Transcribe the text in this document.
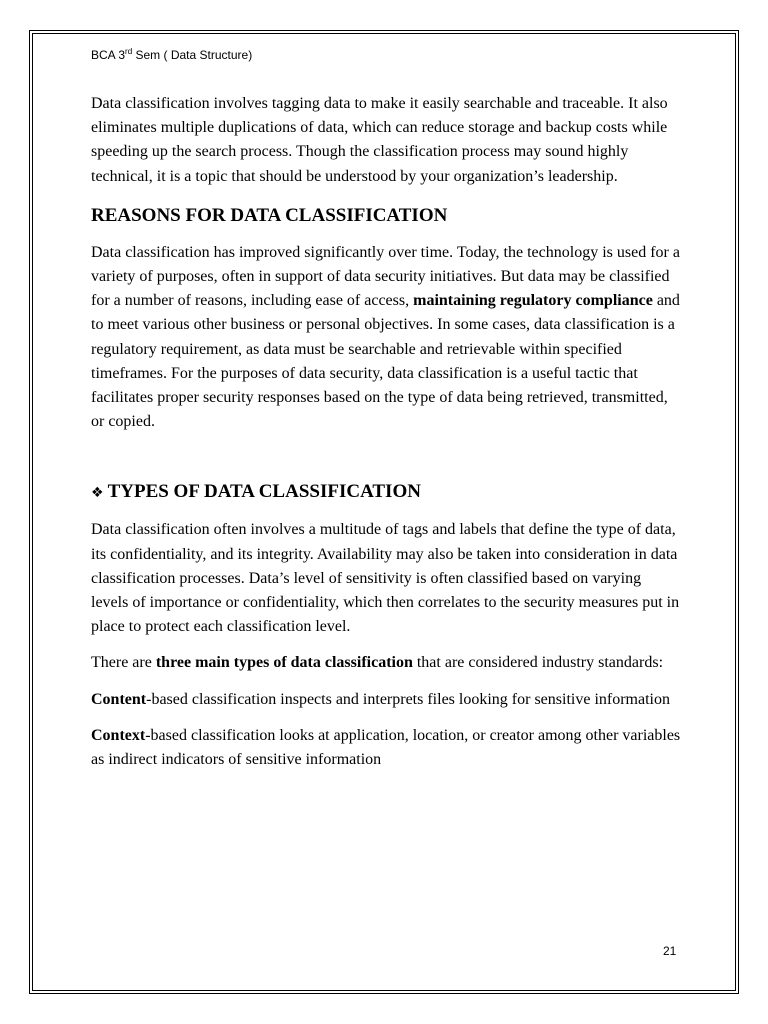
BCA 3rd Sem ( Data Structure)

Data classification involves tagging data to make it easily searchable and traceable. It also eliminates multiple duplications of data, which can reduce storage and backup costs while speeding up the search process. Though the classification process may sound highly technical, it is a topic that should be understood by your organization’s leadership.

REASONS FOR DATA CLASSIFICATION

Data classification has improved significantly over time. Today, the technology is used for a variety of purposes, often in support of data security initiatives. But data may be classified for a number of reasons, including ease of access, maintaining regulatory compliance and to meet various other business or personal objectives. In some cases, data classification is a regulatory requirement, as data must be searchable and retrievable within specified timeframes. For the purposes of data security, data classification is a useful tactic that facilitates proper security responses based on the type of data being retrieved, transmitted, or copied.

❖ TYPES OF DATA CLASSIFICATION

Data classification often involves a multitude of tags and labels that define the type of data, its confidentiality, and its integrity. Availability may also be taken into consideration in data classification processes. Data’s level of sensitivity is often classified based on varying levels of importance or confidentiality, which then correlates to the security measures put in place to protect each classification level.

There are three main types of data classification that are considered industry standards:

Content-based classification inspects and interprets files looking for sensitive information

Context-based classification looks at application, location, or creator among other variables as indirect indicators of sensitive information

21
